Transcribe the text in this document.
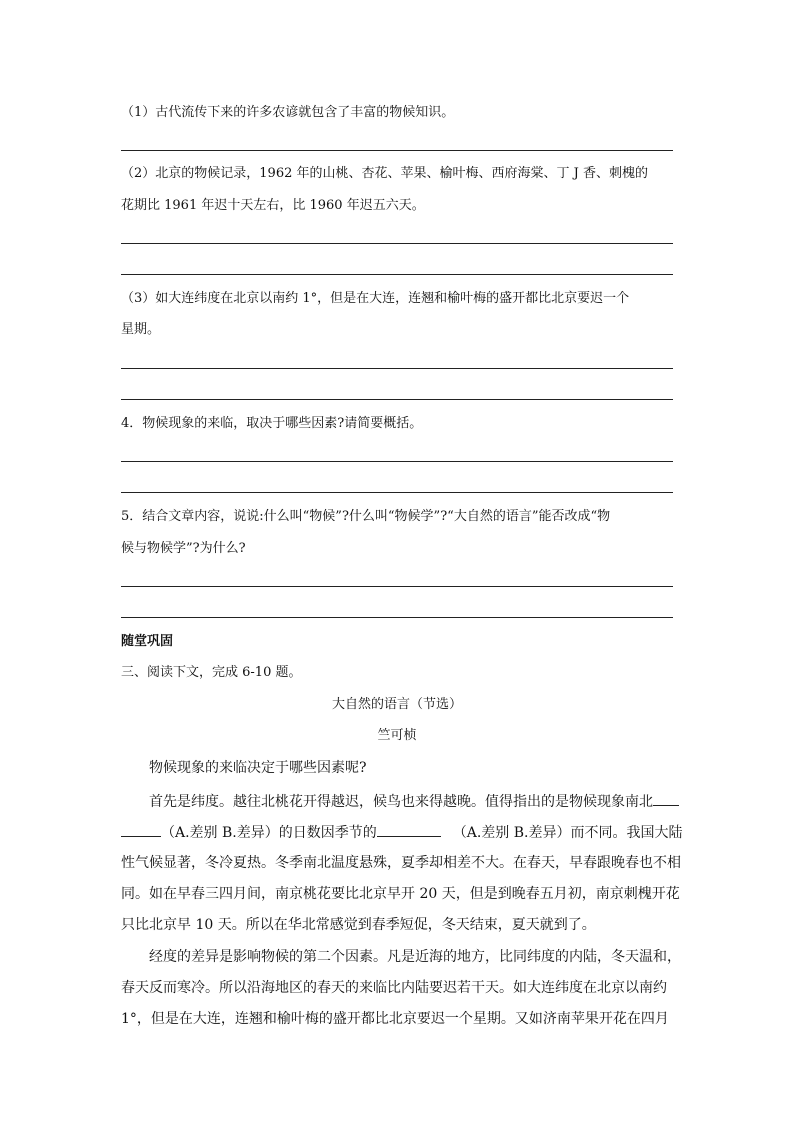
（1）古代流传下来的许多农谚就包含了丰富的物候知识。
（2）北京的物候记录，1962 年的山桃、杏花、苹果、榆叶梅、西府海棠、丁 J 香、刺槐的
花期比 1961 年迟十天左右，比 1960 年迟五六天。
（3）如大连纬度在北京以南约 1°，但是在大连，连翘和榆叶梅的盛开都比北京要迟一个
星期。
4．物候现象的来临，取决于哪些因素?请简要概括。
5．结合文章内容，说说:什么叫“物候”?什么叫“物候学”?“大自然的语言”能否改成“物
候与物候学”?为什么?
随堂巩固
三、阅读下文，完成 6-10 题。
大自然的语言（节选）
竺可桢
物候现象的来临决定于哪些因素呢?
首先是纬度。越往北桃花开得越迟，候鸟也来得越晚。值得指出的是物候现象南北
（A.差别 B.差异）的日数因季节的	（A.差别 B.差异）而不同。我国大陆
性气候显著，冬冷夏热。冬季南北温度悬殊，夏季却相差不大。在春天，早春跟晚春也不相
同。如在早春三四月间，南京桃花要比北京早开 20 天，但是到晚春五月初，南京刺槐开花
只比北京早 10 天。所以在华北常感觉到春季短促，冬天结束，夏天就到了。
经度的差异是影响物候的第二个因素。凡是近海的地方，比同纬度的内陆，冬天温和，
春天反而寒冷。所以沿海地区的春天的来临比内陆要迟若干天。如大连纬度在北京以南约
1°，但是在大连，连翘和榆叶梅的盛开都比北京要迟一个星期。又如济南苹果开花在四月
